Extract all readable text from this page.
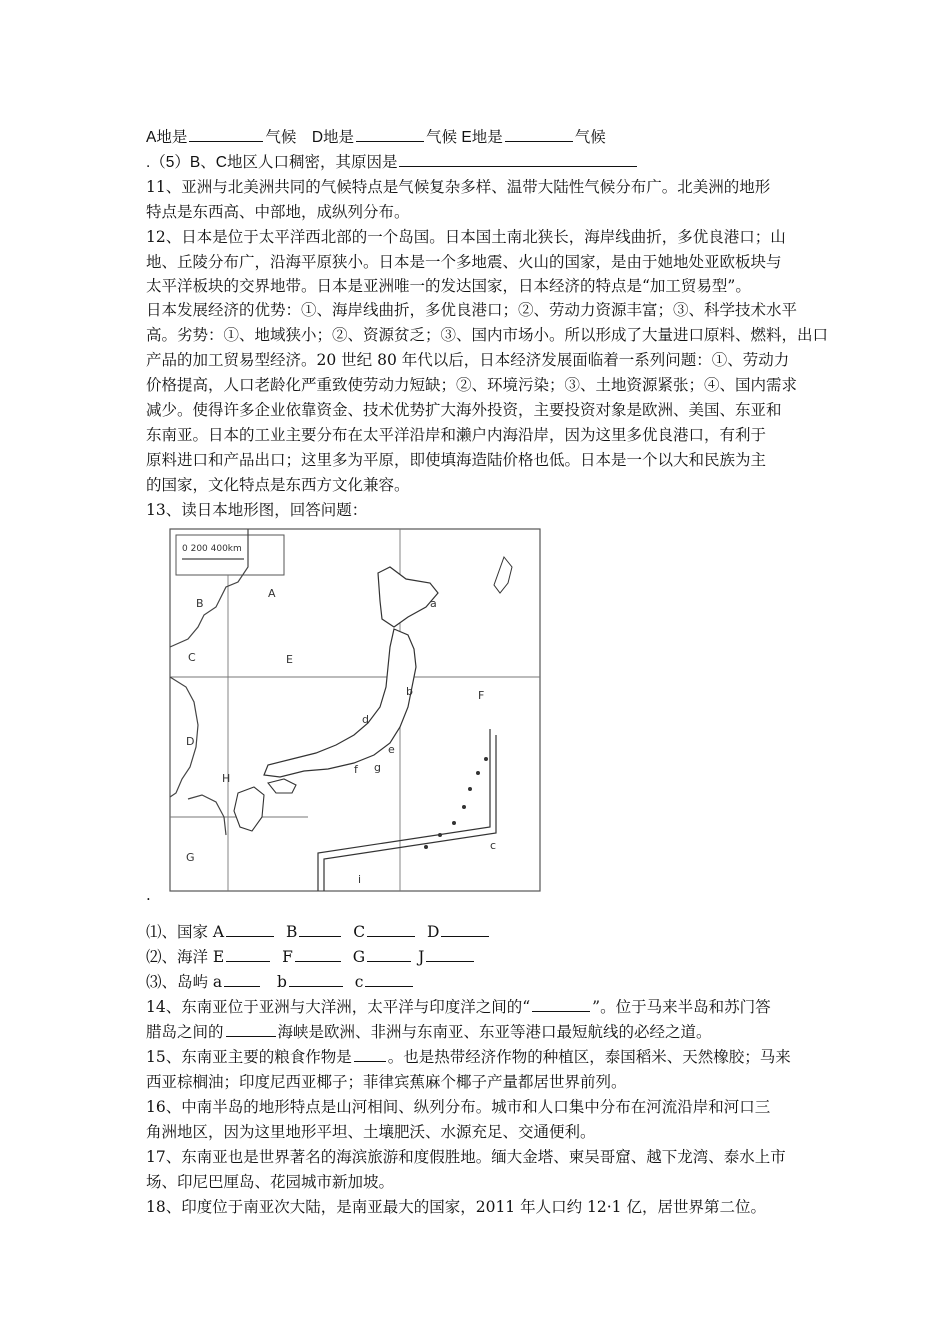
A地是	气候　D地是	气候 E地是	气候
.（5）B、C地区人口稠密，其原因是
11、亚洲与北美洲共同的气候特点是气候复杂多样、温带大陆性气候分布广。北美洲的地形
特点是东西高、中部地，成纵列分布。
12、日本是位于太平洋西北部的一个岛国。日本国土南北狭长，海岸线曲折，多优良港口；山
地、丘陵分布广，沿海平原狭小。日本是一个多地震、火山的国家，是由于她地处亚欧板块与
太平洋板块的交界地带。日本是亚洲唯一的发达国家，日本经济的特点是“加工贸易型”。
日本发展经济的优势：①、海岸线曲折，多优良港口；②、劳动力资源丰富；③、科学技术水平
高。劣势：①、地域狭小；②、资源贫乏；③、国内市场小。所以形成了大量进口原料、燃料，出口
产品的加工贸易型经济。20 世纪 80 年代以后，日本经济发展面临着一系列问题：①、劳动力
价格提高，人口老龄化严重致使劳动力短缺；②、环境污染；③、土地资源紧张；④、国内需求
减少。使得许多企业依靠资金、技术优势扩大海外投资，主要投资对象是欧洲、美国、东亚和
东南亚。日本的工业主要分布在太平洋沿岸和濑户内海沿岸，因为这里多优良港口，有利于
原料进口和产品出口；这里多为平原，即使填海造陆价格也低。日本是一个以大和民族为主
的国家，文化特点是东西方文化兼容。
13、读日本地形图，回答问题：
0 200 400km
A
B
C
D
E
F
G
H
a
b
c
d
e
f g
i
.
⑴、国家 A	B	C	D
⑵、海洋 E	F	G	J
⑶、岛屿 a	b	c
14、东南亚位于亚洲与大洋洲，太平洋与印度洋之间的“	”。位于马来半岛和苏门答
腊岛之间的	海峡是欧洲、非洲与东南亚、东亚等港口最短航线的必经之道。
15、东南亚主要的粮食作物是 。也是热带经济作物的种植区，泰国稻米、天然橡胶；马来
西亚棕榈油；印度尼西亚椰子；菲律宾蕉麻个椰子产量都居世界前列。
16、中南半岛的地形特点是山河相间、纵列分布。城市和人口集中分布在河流沿岸和河口三
角洲地区，因为这里地形平坦、土壤肥沃、水源充足、交通便利。
17、东南亚也是世界著名的海滨旅游和度假胜地。缅大金塔、柬吴哥窟、越下龙湾、泰水上市
场、印尼巴厘岛、花园城市新加坡。
18、印度位于南亚次大陆，是南亚最大的国家，2011 年人口约 12·1 亿，居世界第二位。
